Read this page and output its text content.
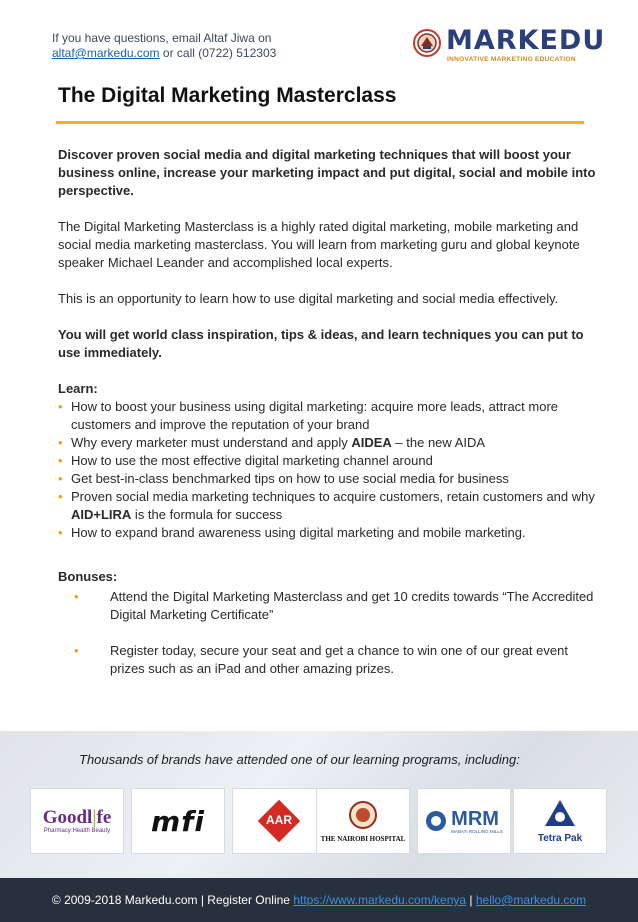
If you have questions, email Altaf Jiwa on
altaf@markedu.com or call (0722) 512303	MARKEDU
INNOVATIVE MARKETING EDUCATION
The Digital Marketing Masterclass

Discover proven social media and digital marketing techniques that will boost your business online, increase your marketing impact and put digital, social and mobile into perspective.

The Digital Marketing Masterclass is a highly rated digital marketing, mobile marketing and social media marketing masterclass. You will learn from marketing guru and global keynote speaker Michael Leander and accomplished local experts.

This is an opportunity to learn how to use digital marketing and social media effectively.

You will get world class inspiration, tips & ideas, and learn techniques you can put to use immediately.

Learn:
• How to boost your business using digital marketing: acquire more leads, attract more customers and improve the reputation of your brand
• Why every marketer must understand and apply AIDEA – the new AIDA
• How to use the most effective digital marketing channel around
• Get best-in-class benchmarked tips on how to use social media for business
• Proven social media marketing techniques to acquire customers, retain customers and why AID+LIRA is the formula for success
• How to expand brand awareness using digital marketing and mobile marketing.
Bonuses:
• Attend the Digital Marketing Masterclass and get 10 credits towards “The Accredited Digital Marketing Certificate”
• Register today, secure your seat and get a chance to win one of our great event prizes such as an iPad and other amazing prizes.
Thousands of brands have attended one of our learning programs, including:
Goodl|fe
Pharmacy Health Beauty mfi	AAR
THE NAIROBI HOSPITAL
MRM
MABATI ROLLING MILLS
Tetra Pak
© 2009-2018 Markedu.com | Register Online https://www.markedu.com/kenya | hello@markedu.com
